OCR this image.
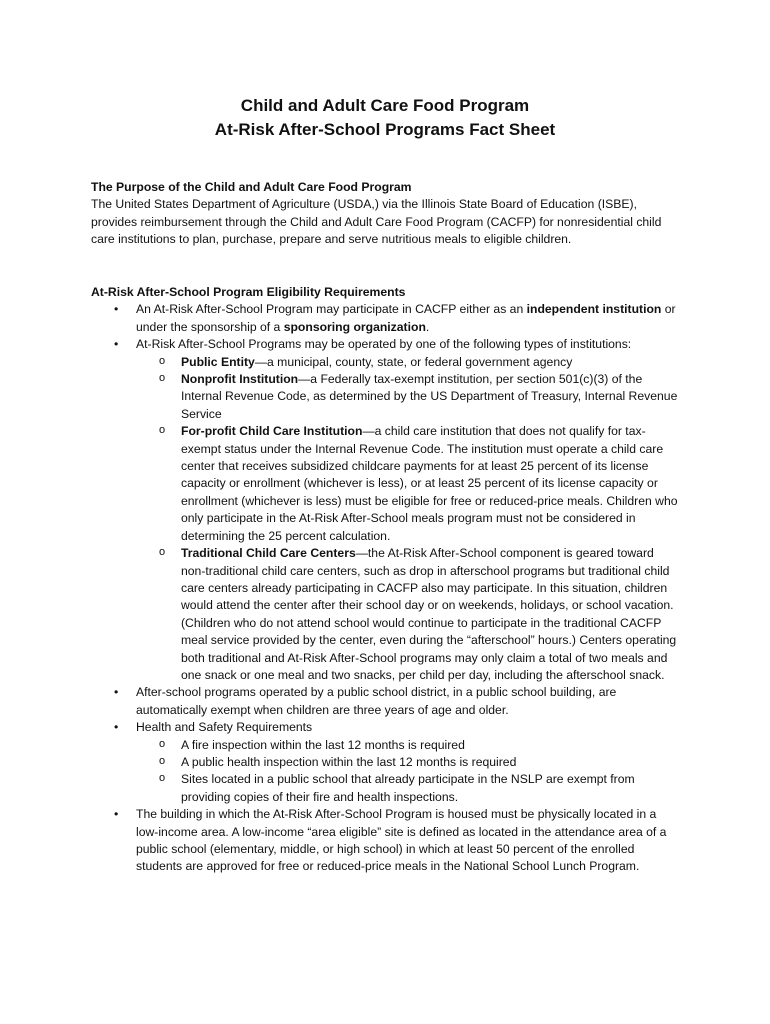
Child and Adult Care Food Program
At-Risk After-School Programs Fact Sheet
The Purpose of the Child and Adult Care Food Program

The United States Department of Agriculture (USDA,) via the Illinois State Board of Education (ISBE), provides reimbursement through the Child and Adult Care Food Program (CACFP) for nonresidential child care institutions to plan, purchase, prepare and serve nutritious meals to eligible children.

At-Risk After-School Program Eligibility Requirements
• An At-Risk After-School Program may participate in CACFP either as an independent institution or under the sponsorship of a sponsoring organization.
• At-Risk After-School Programs may be operated by one of the following types of institutions:
o Public Entity—a municipal, county, state, or federal government agency
o Nonprofit Institution—a Federally tax-exempt institution, per section 501(c)(3) of the Internal Revenue Code, as determined by the US Department of Treasury, Internal Revenue Service
o For-profit Child Care Institution—a child care institution that does not qualify for tax-exempt status under the Internal Revenue Code. The institution must operate a child care center that receives subsidized childcare payments for at least 25 percent of its license capacity or enrollment (whichever is less), or at least 25 percent of its license capacity or enrollment (whichever is less) must be eligible for free or reduced-price meals. Children who only participate in the At-Risk After-School meals program must not be considered in determining the 25 percent calculation.
o Traditional Child Care Centers—the At-Risk After-School component is geared toward non-traditional child care centers, such as drop in afterschool programs but traditional child care centers already participating in CACFP also may participate. In this situation, children would attend the center after their school day or on weekends, holidays, or school vacation. (Children who do not attend school would continue to participate in the traditional CACFP meal service provided by the center, even during the “afterschool” hours.) Centers operating both traditional and At-Risk After-School programs may only claim a total of two meals and one snack or one meal and two snacks, per child per day, including the afterschool snack.
• After-school programs operated by a public school district, in a public school building, are automatically exempt when children are three years of age and older.
• Health and Safety Requirements
o A fire inspection within the last 12 months is required
o A public health inspection within the last 12 months is required
o Sites located in a public school that already participate in the NSLP are exempt from providing copies of their fire and health inspections.
• The building in which the At-Risk After-School Program is housed must be physically located in a low-income area. A low-income “area eligible” site is defined as located in the attendance area of a public school (elementary, middle, or high school) in which at least 50 percent of the enrolled students are approved for free or reduced-price meals in the National School Lunch Program.
